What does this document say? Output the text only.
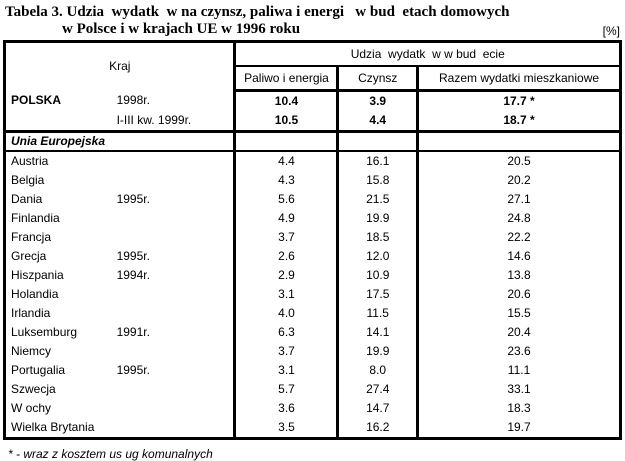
Tabela 3. Udzia  wydatk  w na czynsz, paliwa i energi   w bud  etach domowych
w Polsce i w krajach UE w 1996 roku	[%]
Kraj		Udzia  wydatk  w w bud  ecie		
		Paliwo i energia	Czynsz	Razem wydatki mieszkaniowe
POLSKA	1998r.	10.4	3.9	17.7 *
	I-III kw. 1999r.	10.5	4.4	18.7 *
Unia Europejska				
Austria		4.4	16.1	20.5
Belgia		4.3	15.8	20.2
Dania	1995r.	5.6	21.5	27.1
Finlandia		4.9	19.9	24.8
Francja		3.7	18.5	22.2
Grecja	1995r.	2.6	12.0	14.6
Hiszpania	1994r.	2.9	10.9	13.8
Holandia		3.1	17.5	20.6
Irlandia		4.0	11.5	15.5
Luksemburg	1991r.	6.3	14.1	20.4
Niemcy		3.7	19.9	23.6
Portugalia	1995r.	3.1	8.0	11.1
Szwecja		5.7	27.4	33.1
W ochy		3.6	14.7	18.3
Wielka Brytania		3.5	16.2	19.7
* - wraz z kosztem us ug komunalnych
